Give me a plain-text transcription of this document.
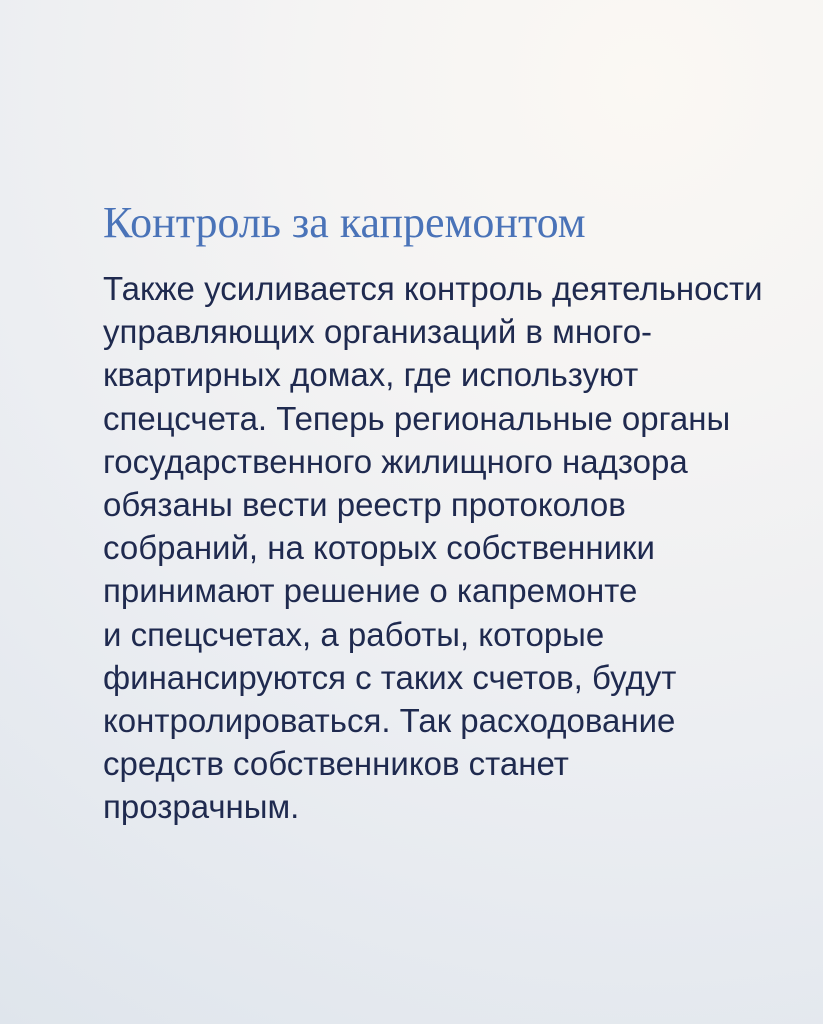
Контроль за капремонтом
Также усиливается контроль деятельности
управляющих организаций в много-
квартирных домах, где используют
спецсчета. Теперь региональные органы
государственного жилищного надзора
обязаны вести реестр протоколов
собраний, на которых собственники
принимают решение о капремонте
и спецсчетах, а работы, которые
финансируются с таких счетов, будут
контролироваться. Так расходование
средств собственников станет
прозрачным.
